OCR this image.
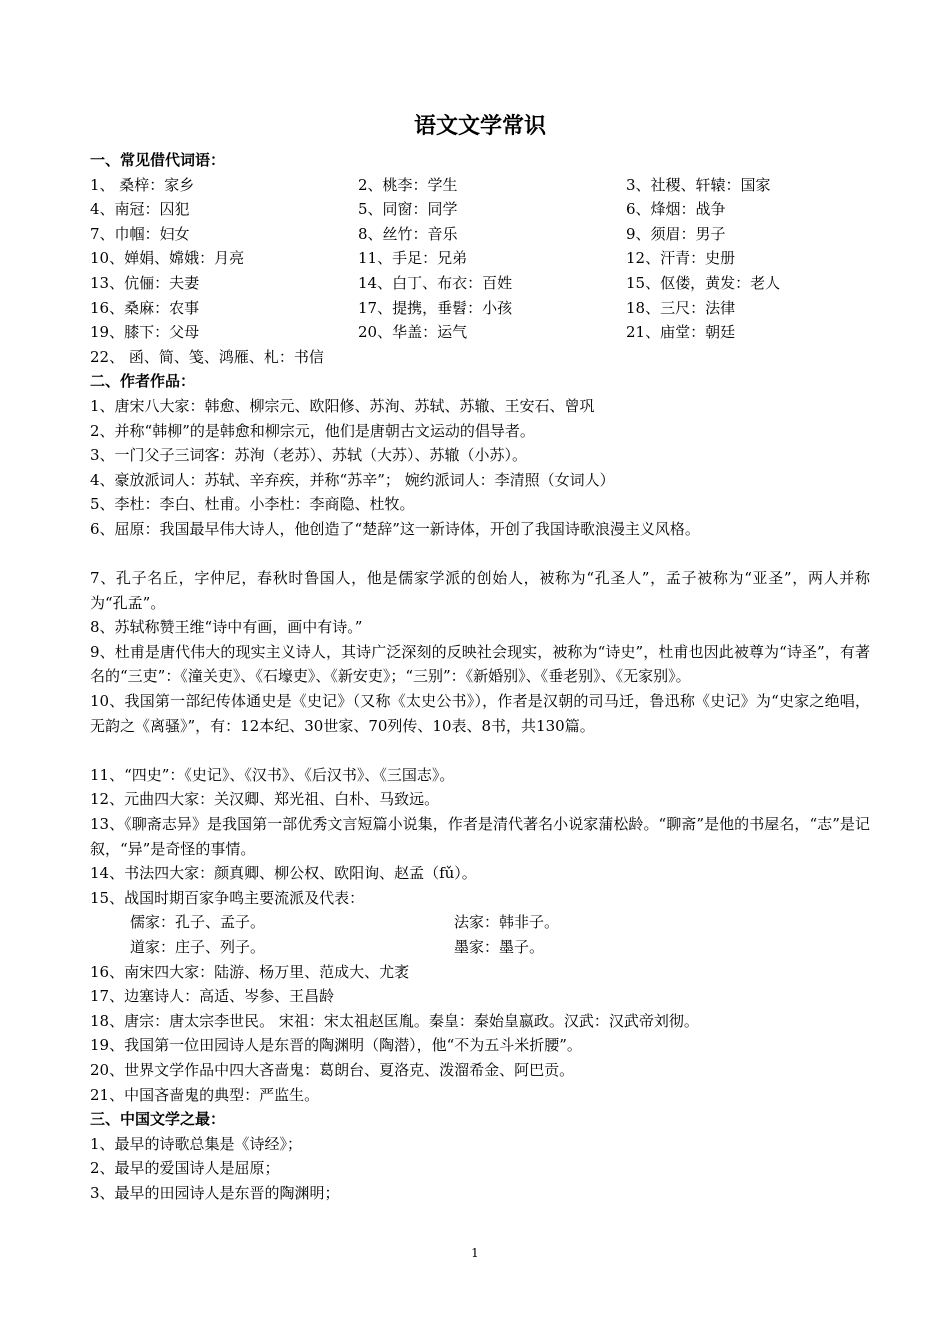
语文文学常识
一、常见借代词语：
1、 桑梓：家乡	2、桃李：学生	3、社稷、轩辕：国家
4、南冠：囚犯	5、同窗：同学	6、烽烟：战争
7、巾帼：妇女	8、丝竹：音乐	9、须眉：男子
10、婵娟、嫦娥：月亮	11、手足：兄弟	12、汗青：史册
13、伉俪：夫妻	14、白丁、布衣：百姓	15、伛偻，黄发：老人
16、桑麻：农事	17、提携，垂髫：小孩	18、三尺：法律
19、膝下：父母	20、华盖：运气	21、庙堂：朝廷
22、 函、简、笺、鸿雁、札：书信
二、作者作品：
1、唐宋八大家：韩愈、柳宗元、欧阳修、苏洵、苏轼、苏辙、王安石、曾巩
2、并称“韩柳”的是韩愈和柳宗元，他们是唐朝古文运动的倡导者。
3、一门父子三词客：苏洵（老苏）、苏轼（大苏）、苏辙（小苏）。
4、豪放派词人：苏轼、辛弃疾，并称“苏辛”； 婉约派词人：李清照（女词人）
5、李杜：李白、杜甫。小李杜：李商隐、杜牧。
6、屈原：我国最早伟大诗人，他创造了“楚辞”这一新诗体，开创了我国诗歌浪漫主义风格。
7、孔子名丘，字仲尼，春秋时鲁国人，他是儒家学派的创始人，被称为“孔圣人”，孟子被称为“亚圣”，两人并称为“孔孟”。
8、苏轼称赞王维“诗中有画，画中有诗。”
9、杜甫是唐代伟大的现实主义诗人，其诗广泛深刻的反映社会现实，被称为“诗史”，杜甫也因此被尊为“诗圣”，有著名的“三吏”：《潼关吏》、《石壕吏》、《新安吏》；“三别”：《新婚别》、《垂老别》、《无家别》。
10、我国第一部纪传体通史是《史记》（又称《太史公书》），作者是汉朝的司马迁，鲁迅称《史记》为“史家之绝唱，无韵之《离骚》”，有：12本纪、30世家、70列传、10表、8书，共130篇。
11、“四史”：《史记》、《汉书》、《后汉书》、《三国志》。
12、元曲四大家：关汉卿、郑光祖、白朴、马致远。
13、《聊斋志异》是我国第一部优秀文言短篇小说集，作者是清代著名小说家蒲松龄。“聊斋”是他的书屋名，“志”是记叙，“异”是奇怪的事情。
14、书法四大家：颜真卿、柳公权、欧阳询、赵孟（fǔ）。
15、战国时期百家争鸣主要流派及代表：
儒家：孔子、孟子。	法家：韩非子。
道家：庄子、列子。	墨家：墨子。
16、南宋四大家：陆游、杨万里、范成大、尤袤
17、边塞诗人：高适、岑参、王昌龄
18、唐宗：唐太宗李世民。 宋祖：宋太祖赵匡胤。秦皇：秦始皇嬴政。汉武：汉武帝刘彻。
19、我国第一位田园诗人是东晋的陶渊明（陶潜），他“不为五斗米折腰”。
20、世界文学作品中四大吝啬鬼：葛朗台、夏洛克、泼溜希金、阿巴贡。
21、中国吝啬鬼的典型：严监生。
三、中国文学之最：
1、最早的诗歌总集是《诗经》；
2、最早的爱国诗人是屈原；
3、最早的田园诗人是东晋的陶渊明；
1
